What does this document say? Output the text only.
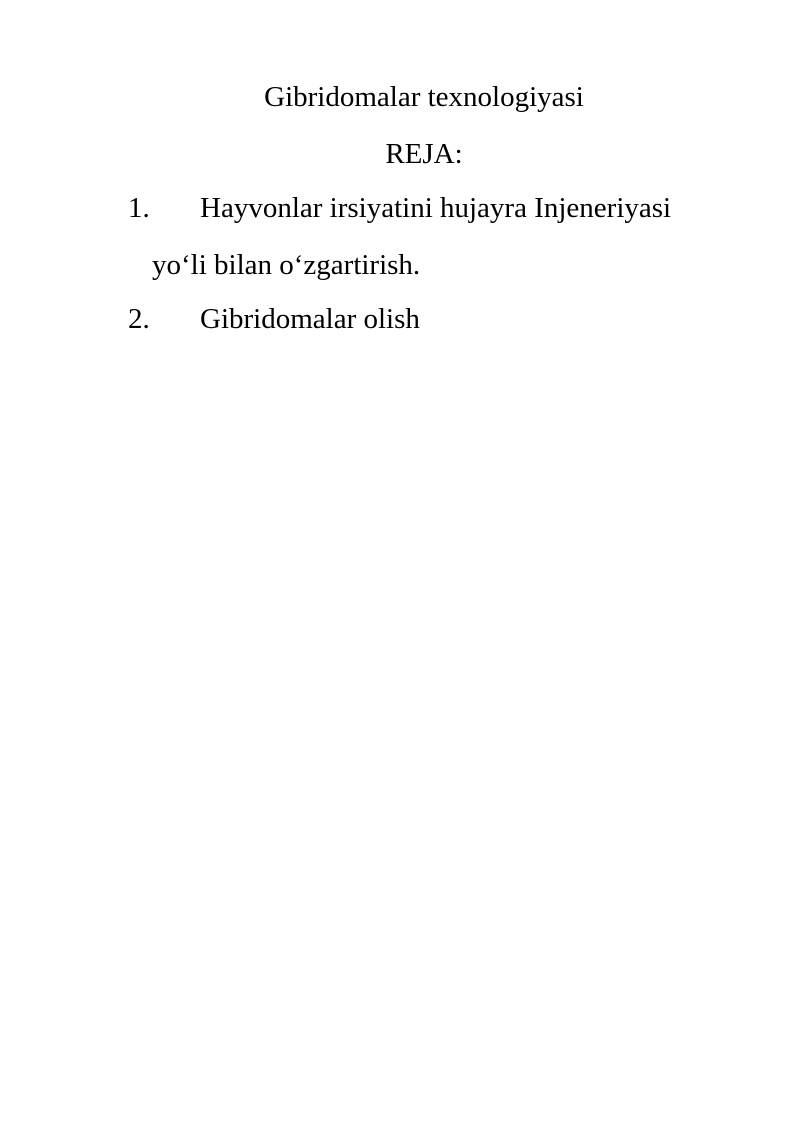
Gibridomalar texnologiyasi
REJA:
1. Hayvonlar irsiyatini hujayra Injeneriyasi
yo‘li bilan o‘zgartirish.
2. Gibridomalar olish
